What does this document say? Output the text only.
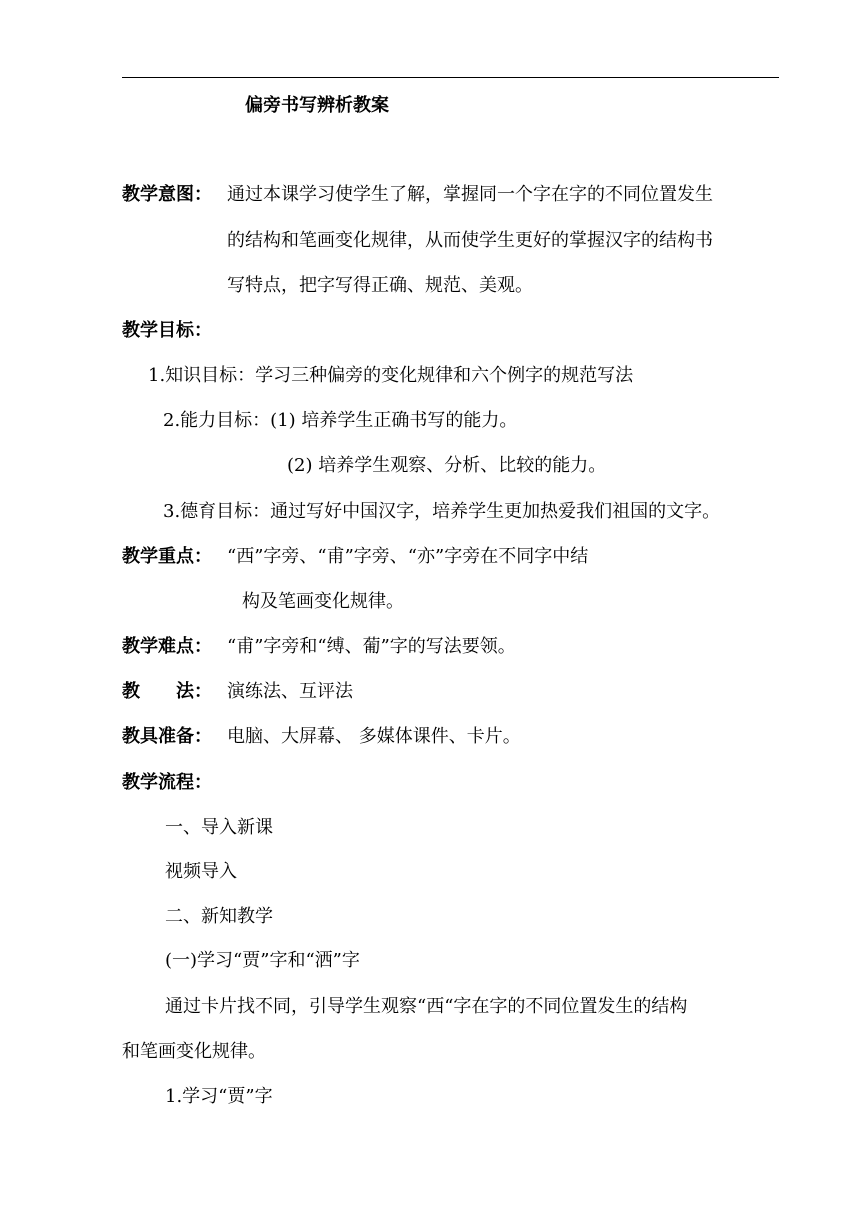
偏旁书写辨析教案
教学意图： 通过本课学习使学生了解，掌握同一个字在字的不同位置发生
的结构和笔画变化规律，从而使学生更好的掌握汉字的结构书
写特点，把字写得正确、规范、美观。
教学目标：
1.知识目标：学习三种偏旁的变化规律和六个例字的规范写法
2.能力目标：(1) 培养学生正确书写的能力。
(2) 培养学生观察、分析、比较的能力。
3.德育目标：通过写好中国汉字，培养学生更加热爱我们祖国的文字。
教学重点： “西”字旁、“甫”字旁、“亦”字旁在不同字中结
构及笔画变化规律。
教学难点： “甫”字旁和“缚、葡”字的写法要领。
教　　法： 演练法、互评法
教具准备： 电脑、大屏幕、 多媒体课件、卡片。
教学流程：
一、导入新课
视频导入
二、新知教学
(一)学习“贾”字和“洒”字
通过卡片找不同，引导学生观察“西“字在字的不同位置发生的结构
和笔画变化规律。
1.学习“贾”字
